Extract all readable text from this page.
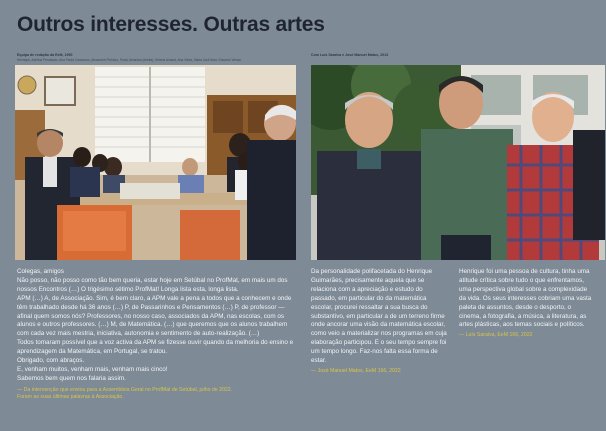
Outros interesses. Outras artes
Equipa de redação da EeM, 1990
Henrique, Adelina Precatado, Ana Paula Canavarro, Alexandre Pinheiro, Paulo Abrantes (direita), Helena Amaral, Ana Vieira, Maria José Boia, Eduardo Veloso
Com Luís Saraiva e José Manuel Matos, 2013

Colegas, amigos

Não posso, não posso como tão bem queria, estar hoje em Setúbal no ProfMat, em mais um dos nossos Encontros (…) O trigésimo sétimo ProfMat! Longa lista esta, longa lista.

APM (…) A, de Associação. Sim, é bem claro, a APM vale a pena a todos que a conhecem e onde têm trabalhado desde há 36 anos (…) P, de Passarinhos e Pensamentos (…) P, de professor — afinal quem somos nós? Professores, no nosso caso, associados da APM, nas escolas, com os alunos e outros professores. (…) M, de Matemática. (…) que queremos que os alunos trabalhem com cada vez mais mestria, iniciativa, autonomia e sentimento de auto-realização. (…)

Todos tomaram possível que a voz activa da APM se fizesse ouvir quando da melhoria do ensino e aprendizagem da Matemática, em Portugal, se tratou.

Obrigado, com abraços.

E, venham muitos, venham mais, venham mais cinco!

Sabemos bem quem nos falaria assim.

— Da intervenção que enviou para a Assembleia Geral no ProfMat de Setúbal, julho de 2022.

Foram as suas últimas palavras à Associação.

Da personalidade polifacetada do Henrique Guimarães, precisamente aquela que se relaciona com a apreciação e estudo do passado, em particular do da matemática escolar, procurei ressaltar a sua busca do substantivo, em particular a de um terreno firme onde ancorar uma visão da matemática escolar, como veio a materializar nos programas em cuja elaboração participou. E o seu tempo sempre foi um tempo longo. Faz-nos falta essa forma de estar.

— José Manuel Matos, EeM 166, 2022

Henrique foi uma pessoa de cultura, tinha uma atitude crítica sobre tudo o que enfrentamos, uma perspectiva global sobre a complexidade da vida. Os seus interesses cobriam uma vasta paleta de assuntos, desde o desporto, o cinema, a fotografia, a música, a literatura, as artes plásticas, aos temas sociais e políticos.

— Luís Saraiva, EeM 166, 2022
